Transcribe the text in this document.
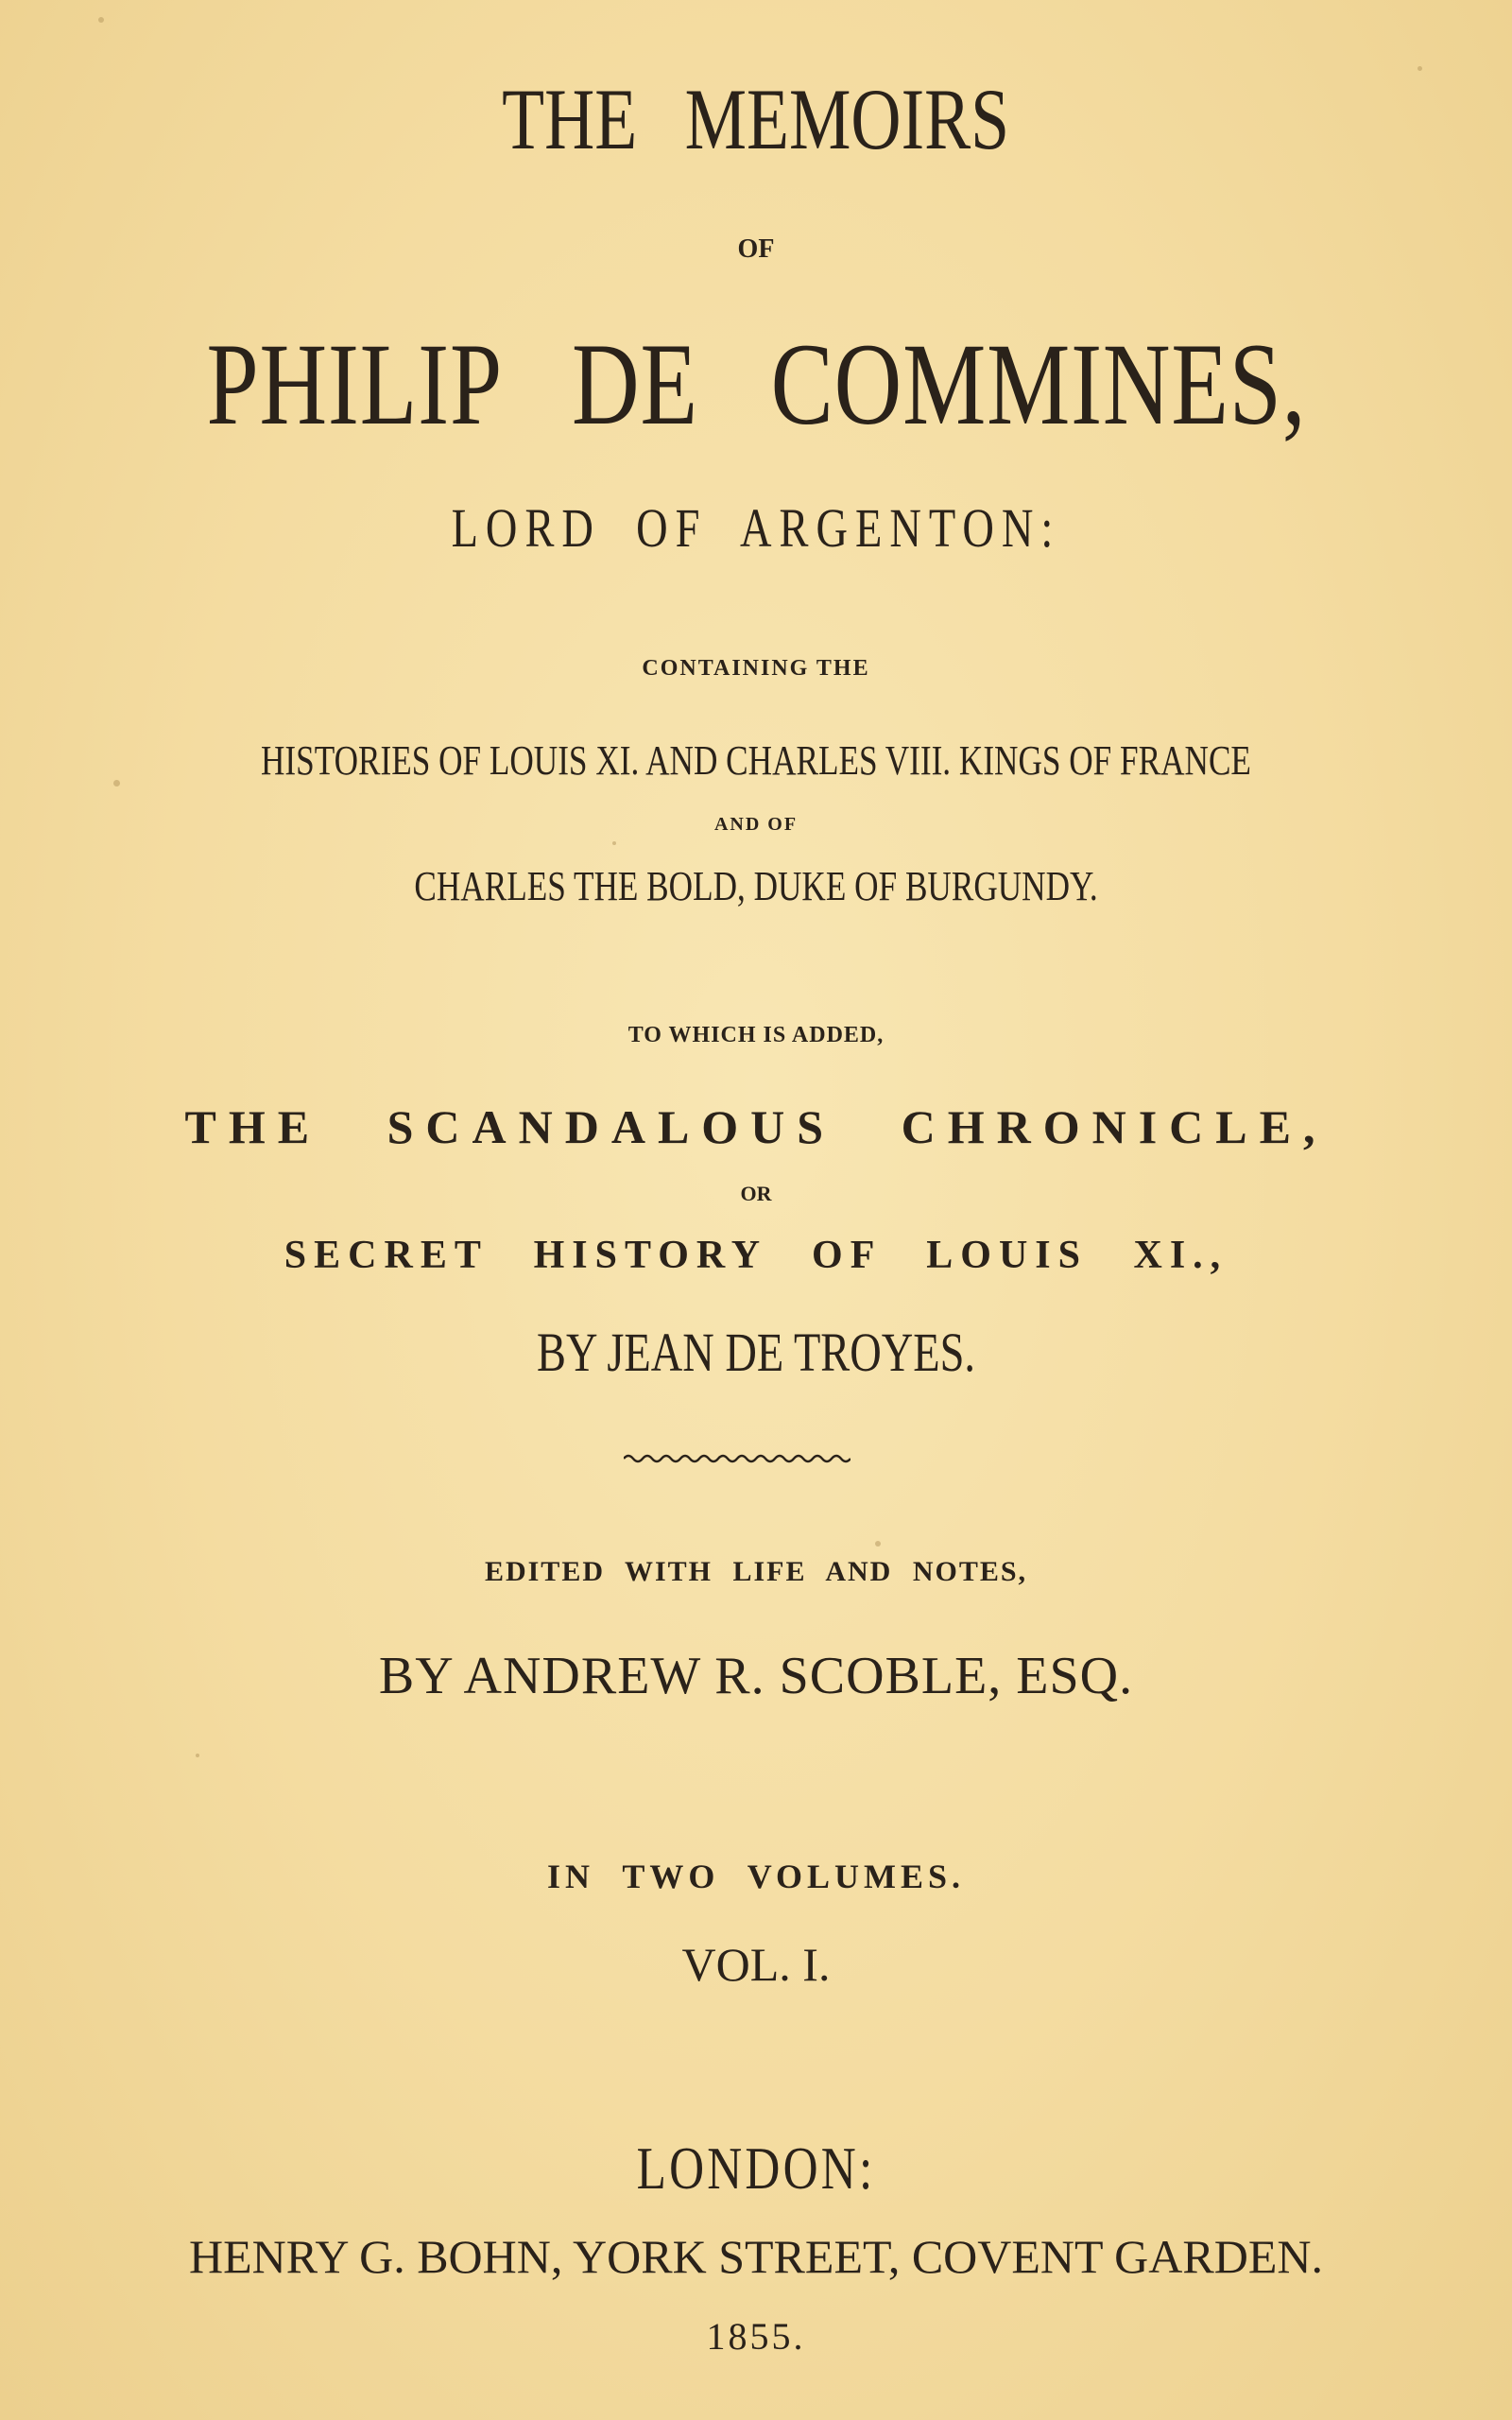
THE MEMOIRS
OF
PHILIP DE COMMINES,
LORD OF ARGENTON:
CONTAINING THE
HISTORIES OF LOUIS XI. AND CHARLES VIII. KINGS OF FRANCE
AND OF
CHARLES THE BOLD, DUKE OF BURGUNDY.
TO WHICH IS ADDED,
THE SCANDALOUS CHRONICLE,
OR
SECRET HISTORY OF LOUIS XI.,
BY JEAN DE TROYES.
EDITED WITH LIFE AND NOTES,
BY ANDREW R. SCOBLE, ESQ.
IN TWO VOLUMES.
VOL. I.
LONDON:
HENRY G. BOHN, YORK STREET, COVENT GARDEN.
1855.
